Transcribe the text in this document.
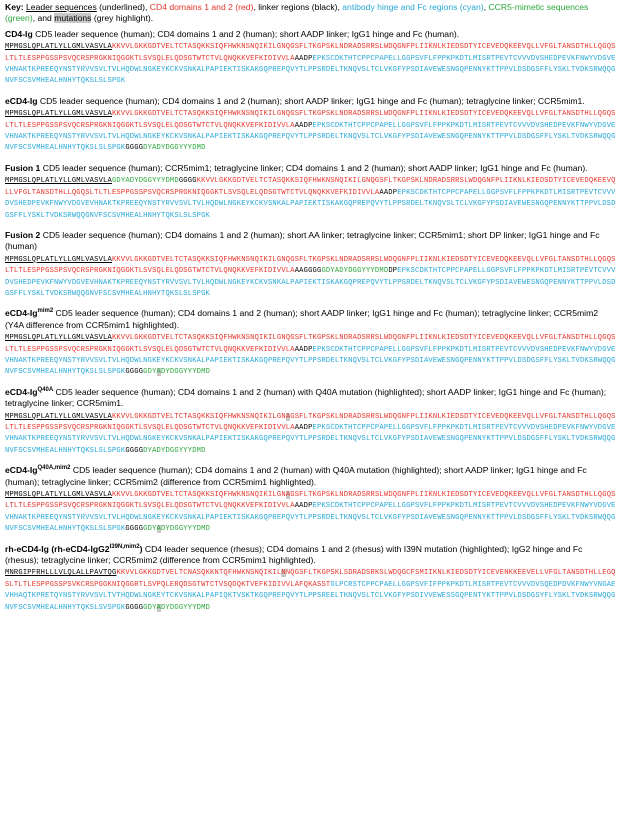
Key: Leader sequences (underlined), CD4 domains 1 and 2 (red), linker regions (black), antibody hinge and Fc regions (cyan), CCR5-mimetic sequences (green), and mutations (grey highlight).
CD4-Ig CD5 leader sequence (human); CD4 domains 1 and 2 (human); short AADP linker; IgG1 hinge and Fc (human).
MPMGSLQPLATLYLLGMLVASVLAKKVVLGKKGDTVELTCTASQKKSIQFHWKNSNQIKILGNQGSFLTKGPSKLNDRADSRRSLWDQGNFPLIIKNLKIEDSDTYICEVEDQKEEVQLLVFGLTANSDTHLLQGQSLTLTLESPPGSSPSVQCRSPRGKNIQGGKTLSVSQLELQDSGTWTCTVLQNQKKVEFKIDIVVLAAADPEPKSCDKTHTCPPCPAPELLGGPSVFLFPPKPKDTLMISRTPEVTCVVVDVSHEDPEVKFNWYVDGVEVHNAKTKPREEQYNSTYRVVSVLTVLHQDWLNGKEYKCKVSNKALPAPIEKTISKAKGQPREPQVYTLPPSRDELTKNQVSLTCLVKGFYPSDIAVEWESNGQPENNYKTTPPVLDSDGSFFLYSKLTVDKSRWQQGNVFSCSVMHEALHNHYTQKSLSLSPGK
eCD4-Ig CD5 leader sequence (human); CD4 domains 1 and 2 (human); short AADP linker; IgG1 hinge and Fc (human); tetraglycine linker; CCR5mim1.
MPMGSLQPLATLYLLGMLVASVLAKKVVLGKKGDTVELTCTASQKKSIQFHWKNSNQIKILGNQGSFLTKGPSKLNDRADSRRSLWDQGNFPLIIKNLKIEDSDTYICEVEDQKEEVQLLVFGLTANSDTHLLQGQSLTLTLESPPGSSPSVQCRSPRGKNIQGGKTLSVSQLELQDSGTWTCTVLQNQKKVEFKIDIVVLAAADPEPKSCDKTHTCPPCPAPELLGGPSVFLFPPKPKDTLMISRTPEVTCVVVDVSHEDPEVKFNWYVDGVEVHNAKTKPREEQYNSTYRVVSVLTVLHQDWLNGKEYKCKVSNKALPAPIEKTISKAKGQPREPQVYTLPPSRDELTKNQVSLTCLVKGFYPSDIAVEWESNGQPENNYKTTPPVLDSDGSFFLYSKLTVDKSRWQQGNVFSCSVMHEALHNHYTQKSLSLSPGKGGGGDYADYDGGYYYDMD
Fusion 1 CD5 leader sequence (human); CCR5mim1; tetraglycine linker; CD4 domains 1 and 2 (human); short AADP linker; IgG1 hinge and Fc (human).
MPMGSLQPLATLYLLGMLVASVLAGDYADYDGGYYYDMDGGGGKKVVLGKKGDTVELTCTASQKKSIQFHWKNSNQIKILGNQGSFLTKGPSKLNDRADSRRSLWDQGNFPLIIKNLKIEDSDTYICEVEDQKEEVQLLVFGLTANSDTHLLQGQSLTLTLESPPGSSPSVQCRSPRGKNIQGGKTLSVSQLELQDSGTWTCTVLQNQKKVEFKIDIVVLAAADPEPKSCDKTHTCPPCPAPELLGGPSVFLFPPKPKDTLMISRTPEVTCVVVDVSHEDPEVKFNWYVDGVEVHNAKTKPREEQYNSTYRVVSVLTVLHQDWLNGKEYKCKVSNKALPAPIEKTISKAKGQPREPQVYTLPPSRDELTKNQVSLTCLVKGFYPSDIAVEWESNGQPENNYKTTPPVLDSDGSFFLYSKLTVDKSRWQQGNVFSCSVMHEALHNHYTQKSLSLSPGK
Fusion 2 CD5 leader sequence (human); CD4 domains 1 and 2 (human); short AA linker; tetraglycine linker; CCR5mim1; short DP linker; IgG1 hinge and Fc (human)
MPMGSLQPLATLYLLGMLVASVLAKKVVLGKKGDTVELTCTASQKKSIQFHWKNSNQIKILGNQGSFLTKGPSKLNDRADSRRSLWDQGNFPLIIKNLKIEDSDTYICEVEDQKEEVQLLVFGLTANSDTHLLQGQSLTLTLESPPGSSPSVQCRSPRGKNIQGGKTLSVSQLELQDSGTWTCTVLQNQKKVEFKIDIVVLAAAGGGGGDYADYDGGYYYDMDDPEPKSCDKTHTCPPCPAPELLGGPSVFLFPPKPKDTLMISRTPEVTCVVVDVSHEDPEVKFNWYVDGVEVHNAKTKPREEQYNSTYRVVSVLTVLHQDWLNGKEYKCKVSNKALPAPIEKTISKAKGQPREPQVYTLPPSRDELTKNQVSLTCLVKGFYPSDIAVEWESNGQPENNYKTTPPVLDSDGSFFLYSKLTVDKSRWQQGNVFSCSVMHEALHNHYTQKSLSLSPGK
$eCD4-Ig^{mim2}$ CD5 leader sequence (human); CD4 domains 1 and 2 (human); short AADP linker; IgG1 hinge and Fc (human); tetraglycine linker; CCR5mim2 (Y4A difference from CCR5mim1 highlighted).
MPMGSLQPLATLYLLGMLVASVLAKKVVLGKKGDTVELTCTASQKKSIQFHWKNSNQIKILGNQGSFLTKGPSKLNDRADSRRSLWDQGNFPLIIKNLKIEDSDTYICEVEDQKEEVQLLVFGLTANSDTHLLQGQSLTLTLESPPGSSPSVQCRSPRGKNIQGGKTLSVSQLELQDSGTWTCTVLQNQKKVEFKIDIVVLAAADPEPKSCDKTHTCPPCPAPELLGGPSVFLFPPKPKDTLMISRTPEVTCVVVDVSHEDPEVKFNWYVDGVEVHNAKTKPREEQYNSTYRVVSVLTVLHQDWLNGKEYKCKVSNKALPAPIEKTISKAKGQPREPQVYTLPPSRDELTKNQVSLTCLVKGFYPSDIAVEWESNGQPENNYKTTPPVLDSDGSFFLYSKLTVDKSRWQQGNVFSCSVMHEALHNHYTQKSLSLSPGKGGGGGDYADYDGGYYYDMD
$eCD4-Ig^{Q40A}$ CD5 leader sequence (human); CD4 domains 1 and 2 (human) with Q40A mutation (highlighted); short AADP linker; IgG1 hinge and Fc (human); tetraglycine linker; CCR5mim1.
MPMGSLQPLATLYLLGMLVASVLAKKVVLGKKGDTVELTCTASQKKSIQFHWKNSNQIKILGNAGSFLTKGPSKLNDRADSRRSLWDQGNFPLIIKNLKIEDSDTYICEVEDQKEEVQLLVFGLTANSDTHLLQGQSLTLTLESPPGSSPSVQCRSPRGKNIQGGKTLSVSQLELQDSGTWTCTVLQNQKKVEFKIDIVVLAAADPEPKSCDKTHTCPPCPAPELLGGPSVFLFPPKPKDTLMISRTPEVTCVVVDVSHEDPEVKFNWYVDGVEVHNAKTKPREEQYNSTYRVVSVLTVLHQDWLNGKEYKCKVSNKALPAPIEKTISKAKGQPREPQVYTLPPSRDELTKNQVSLTCLVKGFYPSDIAVEWESNGQPENNYKTTPPVLDSDGSFFLYSKLTVDKSRWQQGNVFSCSVMHEALHNHYTQKSLSLSPGKGGGGDYADYDGGYYYDMD
$eCD4-Ig^{Q40A,mim2}$ CD5 leader sequence (human); CD4 domains 1 and 2 (human) with Q40A mutation (highlighted); short AADP linker; IgG1 hinge and Fc (human); tetraglycine linker; CCR5mim2 (difference from CCR5mim1 highlighted).
MPMGSLQPLATLYLLGMLVASVLAKKVVLGKKGDTVELTCTASQKKSIQFHWKNSNQIKILGNAGSFLTKGPSKLNDRADSRRSLWDQGNFPLIIKNLKIEDSDTYICEVEDQKEEVQLLVFGLTANSDTHLLQGQSLTLTLESPPGSSPSVQCRSPRGKNIQGGKTLSVSQLELQDSGTWTCTVLQNQKKVEFKIDIVVLAAADPEPKSCDKTHTCPPCPAPELLGGPSVFLFPPKPKDTLMISRTPEVTCVVVDVSHEDPEVKFNWYVDGVEVHNAKTKPREEQYNSTYRVVSVLTVLHQDWLNGKEYKCKVSNKALPAPIEKTISKAKGQPREPQVYTLPPSRDELTKNQVSLTCLVKGFYPSDIAVEWESNGQPENNYKTTPPVLDSDGSFFLYSKLTVDKSRWQQGNVFSCSVMHEALHNHYTQKSLSLSPGKGGGGGDYADYDGGYYYDMD
rh-eCD4-Ig $(rh-eCD4-IgG2^{I39N,mim2})$ CD4 leader sequence (rhesus); CD4 domains 1 and 2 (rhesus) with I39N mutation (highlighted); IgG2 hinge and Fc (rhesus); tetraglycine linker; CCR5mim2 (difference from CCR5mim1 highlighted).
MNRGIPFRHLLLVLQLALLPAVTQGKKVVLGKKGDTVELTCNASQKKNTQFHWKNSNQIKILNNQGSFLTKGPSKLSDRADSRKSLWDQGCFSMIIKNLKIEDSDTYICEVENKKEEVELLVFGLTANSDTHLLEGQSLTLTLESPPGSSPSVKCRSPGGKNIQGGRTLSVPQLERQDSGTWTCTVSQDQKTVEFKIDIVVLAFQKASSTGLPCRSTCPPCPAELLGGPSVFIFPPKPKDTLMISRTPEVTCVVVDVSQEDPDVKFNWYVNGAEVHHAQTKPRETQYNSTYRVVSVLTVTHQDWLNGKEYTCKVSNKALPAPIQKTVSKTKGQPREPQVYTLPPSREELTKNQVSLTCLVKGFYPSDIVVEWESSGQPENTYKTTPPVLDSDGSYFLYSKLTVDKSRWQQGNVFSCSVMHEALHNHYTQKSLSVSPGKGGGGGDYADYDGGYYYDMD
